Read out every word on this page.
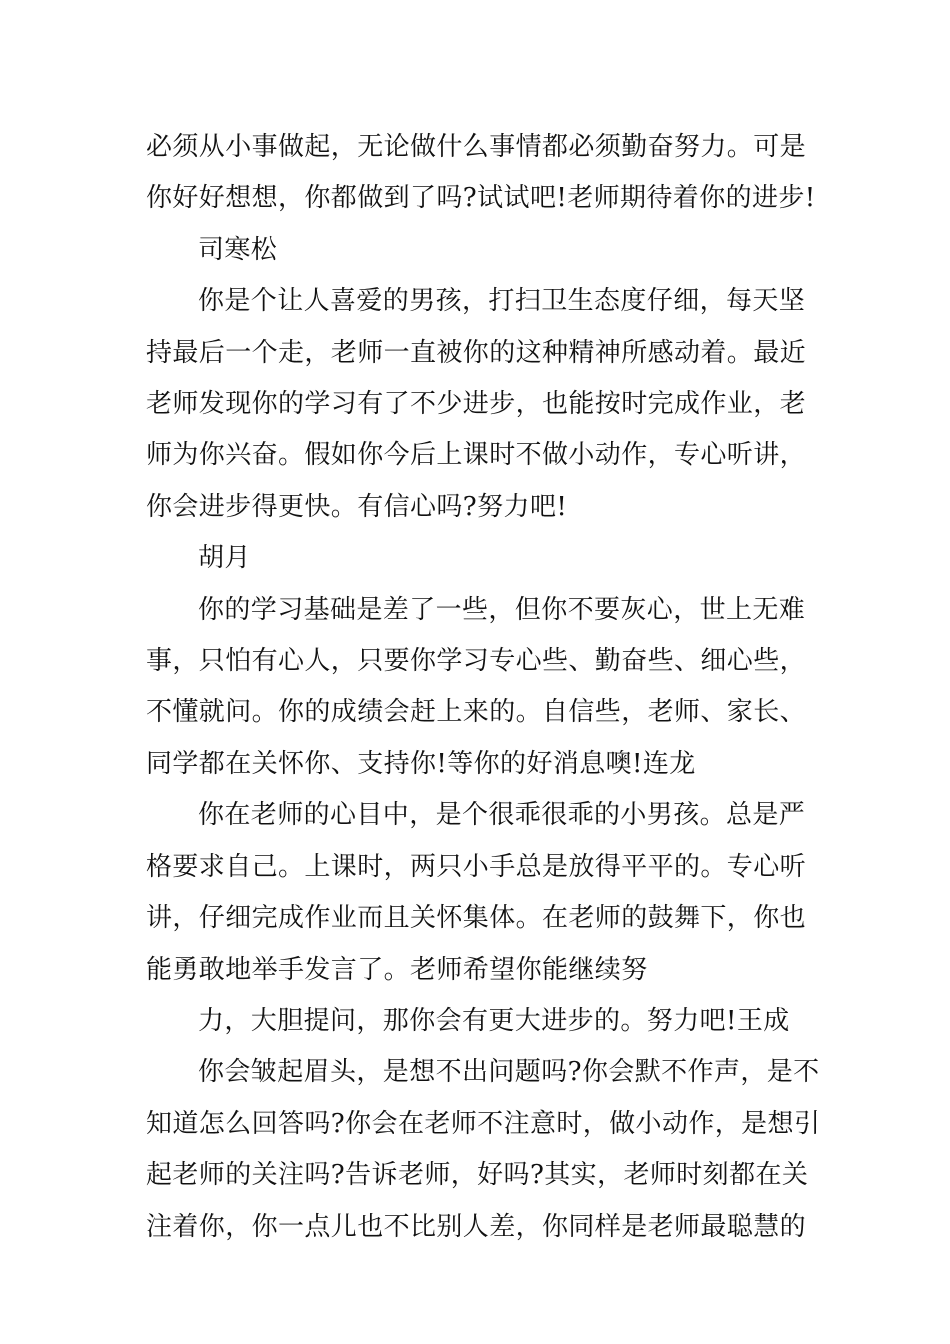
必须从小事做起，无论做什么事情都必须勤奋努力。可是
你好好想想，你都做到了吗?试试吧!老师期待着你的进步!
司寒松
你是个让人喜爱的男孩，打扫卫生态度仔细，每天坚
持最后一个走，老师一直被你的这种精神所感动着。最近
老师发现你的学习有了不少进步，也能按时完成作业，老
师为你兴奋。假如你今后上课时不做小动作，专心听讲，
你会进步得更快。有信心吗?努力吧!
胡月
你的学习基础是差了一些，但你不要灰心，世上无难
事，只怕有心人，只要你学习专心些、勤奋些、细心些，
不懂就问。你的成绩会赶上来的。自信些，老师、家长、
同学都在关怀你、支持你!等你的好消息噢!连龙
你在老师的心目中，是个很乖很乖的小男孩。总是严
格要求自己。上课时，两只小手总是放得平平的。专心听
讲，仔细完成作业而且关怀集体。在老师的鼓舞下，你也
能勇敢地举手发言了。老师希望你能继续努
力，大胆提问，那你会有更大进步的。努力吧!王成
你会皱起眉头，是想不出问题吗?你会默不作声，是不
知道怎么回答吗?你会在老师不注意时，做小动作，是想引
起老师的关注吗?告诉老师，好吗?其实，老师时刻都在关
注着你，你一点儿也不比别人差，你同样是老师最聪慧的
